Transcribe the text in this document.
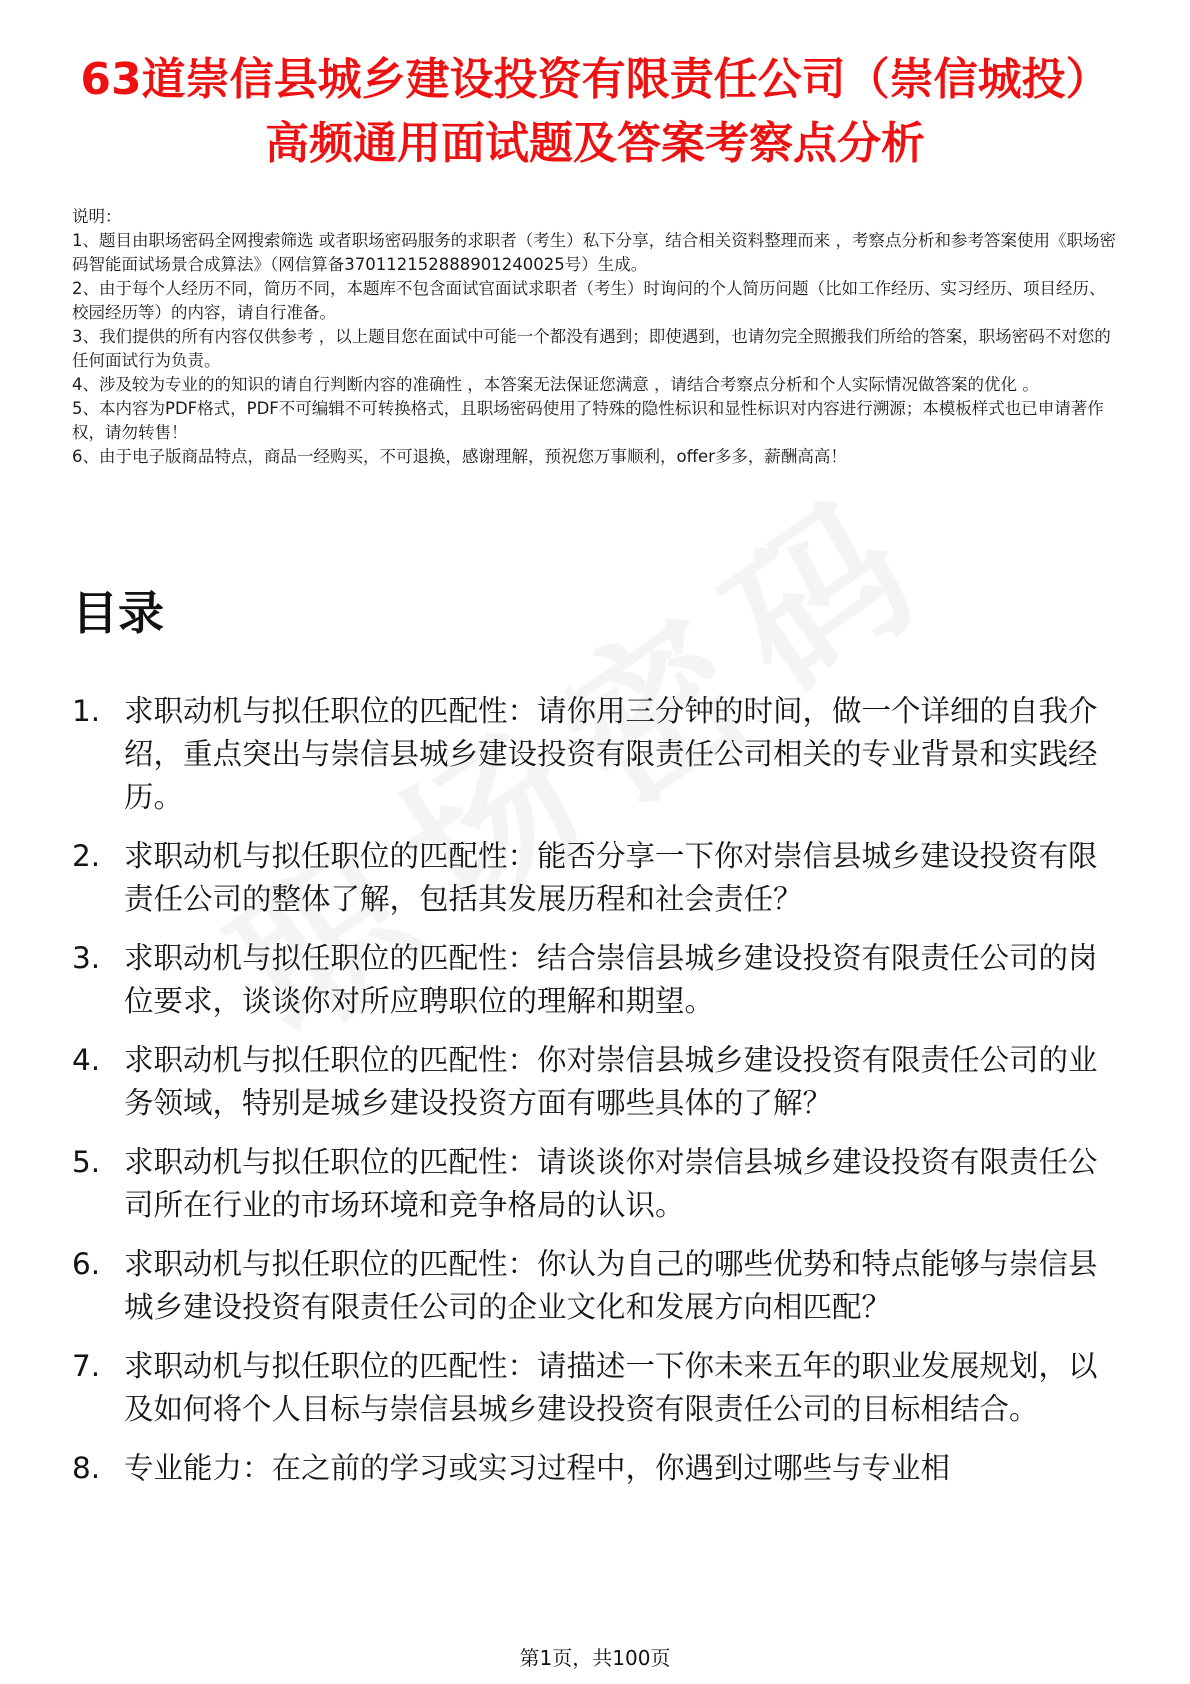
63道崇信县城乡建设投资有限责任公司（崇信城投）高频通用面试题及答案考察点分析

说明：

1、题目由职场密码全网搜索筛选 或者职场密码服务的求职者（考生）私下分享，结合相关资料整理而来 ，考察点分析和参考答案使用《职场密码智能面试场景合成算法》（网信算备370112152888901240025号）生成。

2、由于每个人经历不同，简历不同，本题库不包含面试官面试求职者（考生）时询问的个人简历问题（比如工作经历、实习经历、项目经历、校园经历等）的内容，请自行准备。

3、我们提供的所有内容仅供参考 ，以上题目您在面试中可能一个都没有遇到；即使遇到，也请勿完全照搬我们所给的答案，职场密码不对您的任何面试行为负责。

4、涉及较为专业的的知识的请自行判断内容的准确性 ，本答案无法保证您满意 ，请结合考察点分析和个人实际情况做答案的优化 。

5、本内容为PDF格式，PDF不可编辑不可转换格式，且职场密码使用了特殊的隐性标识和显性标识对内容进行溯源；本模板样式也已申请著作权，请勿转售！

6、由于电子版商品特点，商品一经购买，不可退换，感谢理解，预祝您万事顺利，offer多多，薪酬高高！

目录
1. 求职动机与拟任职位的匹配性：请你用三分钟的时间，做一个详细的自我介绍，重点突出与崇信县城乡建设投资有限责任公司相关的专业背景和实践经历。
2. 求职动机与拟任职位的匹配性：能否分享一下你对崇信县城乡建设投资有限责任公司的整体了解，包括其发展历程和社会责任？
3. 求职动机与拟任职位的匹配性：结合崇信县城乡建设投资有限责任公司的岗位要求，谈谈你对所应聘职位的理解和期望。
4. 求职动机与拟任职位的匹配性：你对崇信县城乡建设投资有限责任公司的业务领域，特别是城乡建设投资方面有哪些具体的了解？
5. 求职动机与拟任职位的匹配性：请谈谈你对崇信县城乡建设投资有限责任公司所在行业的市场环境和竞争格局的认识。
6. 求职动机与拟任职位的匹配性：你认为自己的哪些优势和特点能够与崇信县城乡建设投资有限责任公司的企业文化和发展方向相匹配？
7. 求职动机与拟任职位的匹配性：请描述一下你未来五年的职业发展规划，以及如何将个人目标与崇信县城乡建设投资有限责任公司的目标相结合。
8. 专业能力：在之前的学习或实习过程中，你遇到过哪些与专业相
第1页，共100页
